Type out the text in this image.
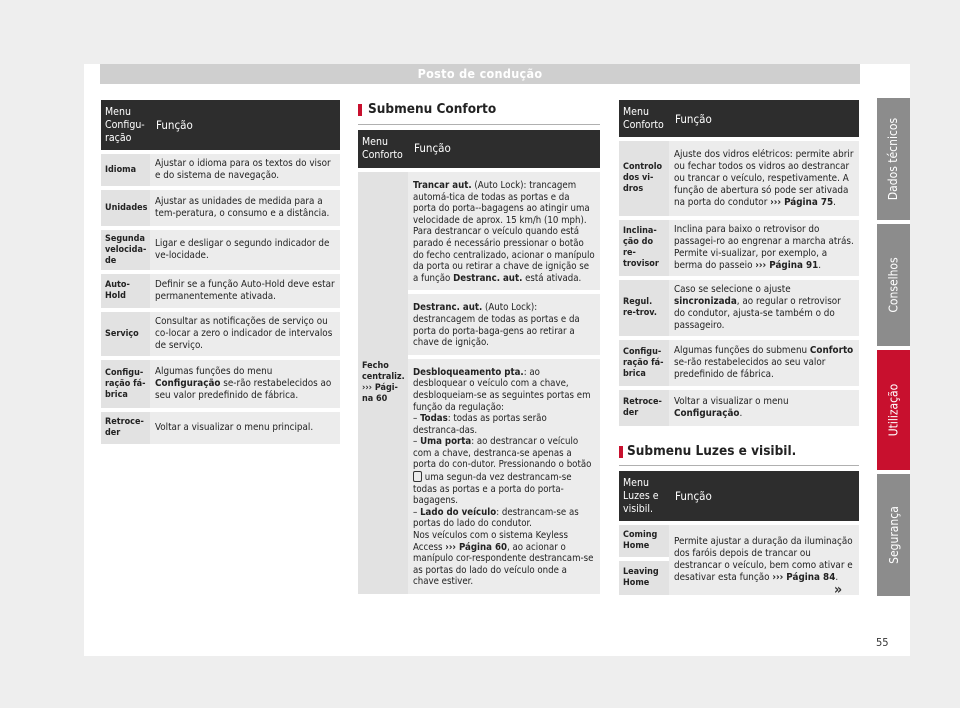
Posto de condução
Menu Configu-ração	Função
Idioma	Ajustar o idioma para os textos do visor e do sistema de navegação.
Unidades	Ajustar as unidades de medida para a tem-peratura, o consumo e a distância.
Segunda velocida-de	Ligar e desligar o segundo indicador de ve-locidade.
Auto-Hold	Definir se a função Auto-Hold deve estar permanentemente ativada.
Serviço	Consultar as notificações de serviço ou co-locar a zero o indicador de intervalos de serviço.
Configu-ração fá-brica	Algumas funções do menu Configuração se-rão restabelecidos ao seu valor predefinido de fábrica.
Retroce-der	Voltar a visualizar o menu principal.
Submenu Conforto
Menu Conforto	Função
Fecho centraliz. ››› Pági-na 60	Trancar aut. (Auto Lock): trancagem automá-tica de todas as portas e da porta do porta--bagagens ao atingir uma velocidade de aprox. 15 km/h (10 mph). Para destrancar o veículo quando está parado é necessário pressionar o botão do fecho centralizado, acionar o manípulo da porta ou retirar a chave de ignição se a função Destranc. aut. está ativada.
	Destranc. aut. (Auto Lock): destrancagem de todas as portas e da porta do porta-baga-gens ao retirar a chave de ignição.
	Desbloqueamento pta.: ao desbloquear o veículo com a chave, desbloqueiam-se as seguintes portas em função da regulação:
– Todas: todas as portas serão destranca-das.
– Uma porta: ao destrancar o veículo com a chave, destranca-se apenas a porta do con-dutor. Pressionando o botão  uma segun-da vez destrancam-se todas as portas e a porta do porta-bagagens.
– Lado do veículo: destrancam-se as portas do lado do condutor.
Nos veículos com o sistema Keyless Access ››› Página 60, ao acionar o manípulo cor-respondente destrancam-se as portas do lado do veículo onde a chave estiver.
Menu Conforto	Função
Controlo dos vi-dros	Ajuste dos vidros elétricos: permite abrir ou fechar todos os vidros ao destrancar ou trancar o veículo, respetivamente. A função de abertura só pode ser ativada na porta do condutor ››› Página 75.
Inclina-ção do re-trovisor	Inclina para baixo o retrovisor do passagei-ro ao engrenar a marcha atrás. Permite vi-sualizar, por exemplo, a berma do passeio ››› Página 91.
Regul. re-trov.	Caso se selecione o ajuste sincronizada, ao regular o retrovisor do condutor, ajusta-se também o do passageiro.
Configu-ração fá-brica	Algumas funções do submenu Conforto se-rão restabelecidos ao seu valor predefinido de fábrica.
Retroce-der	Voltar a visualizar o menu Configuração.
Submenu Luzes e visibil.
Menu Luzes e visibil.	Função
Coming Home	Permite ajustar a duração da iluminação dos faróis depois de trancar ou destrancar o veículo, bem como ativar e desativar esta função ››› Página 84.
Leaving Home		»
Dados técnicos
Conselhos
Utilização
Segurança
55
